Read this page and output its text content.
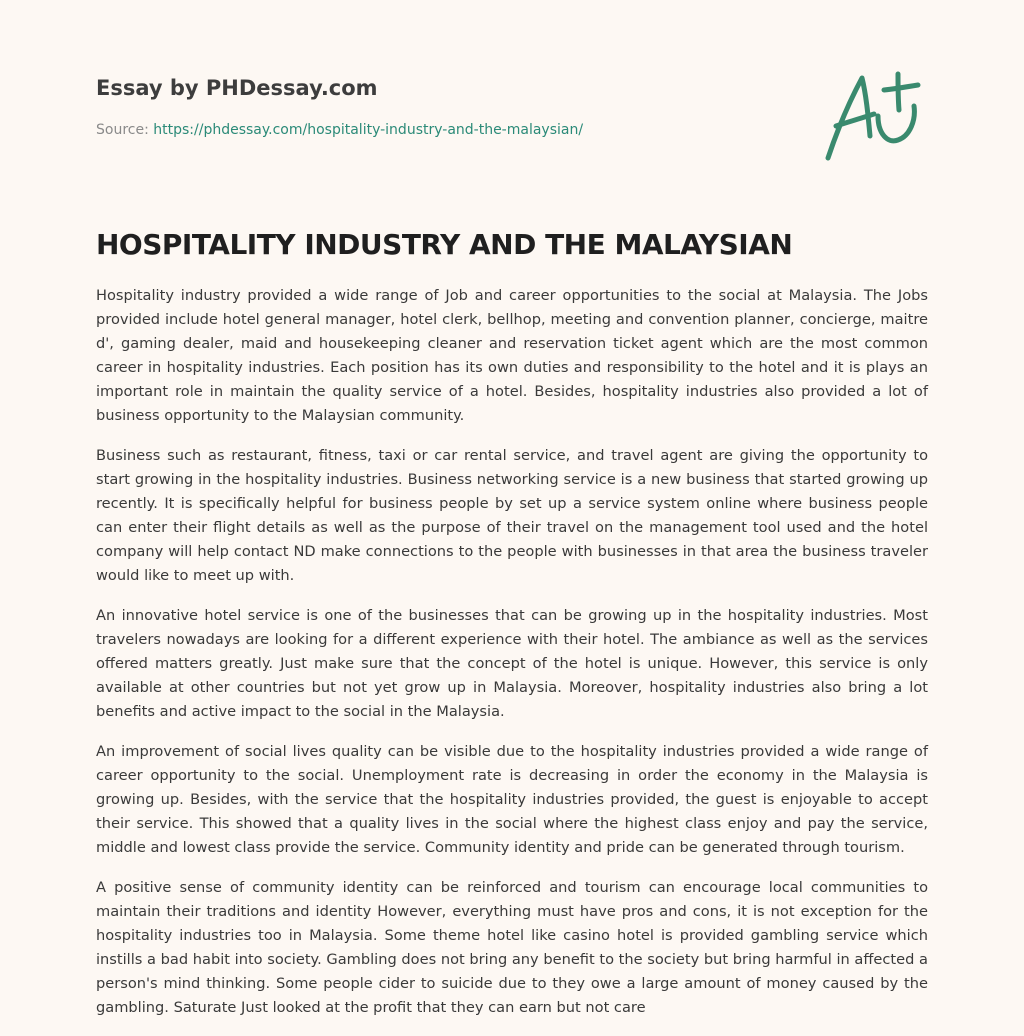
Essay by PHDessay.com

Source: https://phdessay.com/hospitality-industry-and-the-malaysian/
HOSPITALITY INDUSTRY AND THE MALAYSIAN

Hospitality industry provided a wide range of Job and career opportunities to the social at Malaysia. The Jobs provided include hotel general manager, hotel clerk, bellhop, meeting and convention planner, concierge, maitre d', gaming dealer, maid and housekeeping cleaner and reservation ticket agent which are the most common career in hospitality industries. Each position has its own duties and responsibility to the hotel and it is plays an important role in maintain the quality service of a hotel. Besides, hospitality industries also provided a lot of business opportunity to the Malaysian community.

Business such as restaurant, fitness, taxi or car rental service, and travel agent are giving the opportunity to start growing in the hospitality industries. Business networking service is a new business that started growing up recently. It is specifically helpful for business people by set up a service system online where business people can enter their flight details as well as the purpose of their travel on the management tool used and the hotel company will help contact ND make connections to the people with businesses in that area the business traveler would like to meet up with.

An innovative hotel service is one of the businesses that can be growing up in the hospitality industries. Most travelers nowadays are looking for a different experience with their hotel. The ambiance as well as the services offered matters greatly. Just make sure that the concept of the hotel is unique. However, this service is only available at other countries but not yet grow up in Malaysia. Moreover, hospitality industries also bring a lot benefits and active impact to the social in the Malaysia.

An improvement of social lives quality can be visible due to the hospitality industries provided a wide range of career opportunity to the social. Unemployment rate is decreasing in order the economy in the Malaysia is growing up. Besides, with the service that the hospitality industries provided, the guest is enjoyable to accept their service. This showed that a quality lives in the social where the highest class enjoy and pay the service, middle and lowest class provide the service. Community identity and pride can be generated through tourism.

A positive sense of community identity can be reinforced and tourism can encourage local communities to maintain their traditions and identity However, everything must have pros and cons, it is not exception for the hospitality industries too in Malaysia. Some theme hotel like casino hotel is provided gambling service which instills a bad habit into society. Gambling does not bring any benefit to the society but bring harmful in affected a person's mind thinking. Some people cider to suicide due to they owe a large amount of money caused by the gambling. Saturate Just looked at the profit that they can earn but not care
